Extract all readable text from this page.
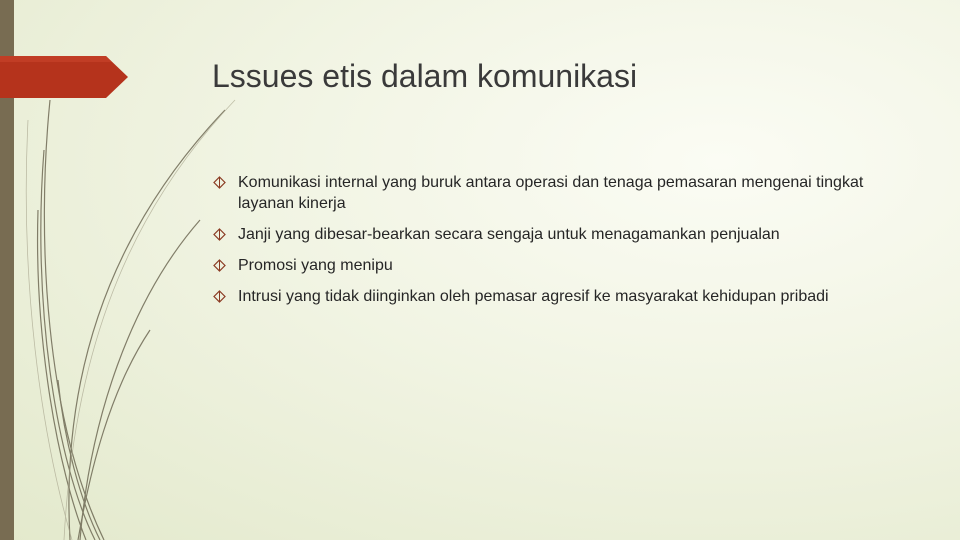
Lssues etis dalam komunikasi
Komunikasi internal yang buruk antara operasi dan tenaga pemasaran mengenai tingkat layanan kinerja
Janji yang dibesar-bearkan secara sengaja untuk menagamankan penjualan
Promosi yang menipu
Intrusi yang tidak diinginkan oleh pemasar agresif ke masyarakat kehidupan pribadi
